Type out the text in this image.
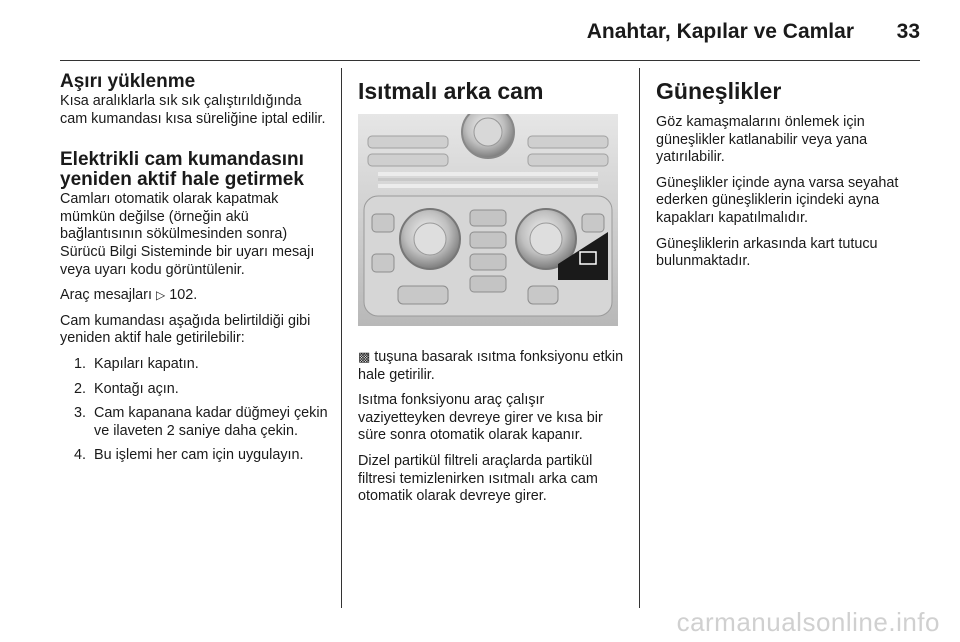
Anahtar, Kapılar ve Camlar 33
Aşırı yüklenme

Kısa aralıklarla sık sık çalıştırıldığında cam kumandası kısa süreliğine iptal edilir.

Elektrikli cam kumandasını yeniden aktif hale getirmek

Camları otomatik olarak kapatmak mümkün değilse (örneğin akü bağlantısının sökülmesinden sonra) Sürücü Bilgi Sisteminde bir uyarı mesajı veya uyarı kodu görüntülenir.

Araç mesajları ▷ 102.

Cam kumandası aşağıda belirtildiği gibi yeniden aktif hale getirilebilir:

1. Kapıları kapatın.
2. Kontağı açın.
3. Cam kapanana kadar düğmeyi çekin ve ilaveten 2 saniye daha çekin.
4. Bu işlemi her cam için uygulayın.
Isıtmalı arka cam

▩ tuşuna basarak ısıtma fonksiyonu etkin hale getirilir.

Isıtma fonksiyonu araç çalışır vaziyetteyken devreye girer ve kısa bir süre sonra otomatik olarak kapanır.

Dizel partikül filtreli araçlarda partikül filtresi temizlenirken ısıtmalı arka cam otomatik olarak devreye girer.

Güneşlikler

Göz kamaşmalarını önlemek için güneşlikler katlanabilir veya yana yatırılabilir.

Güneşlikler içinde ayna varsa seyahat ederken güneşliklerin içindeki ayna kapakları kapatılmalıdır.

Güneşliklerin arkasında kart tutucu bulunmaktadır.

carmanualsonline.info
